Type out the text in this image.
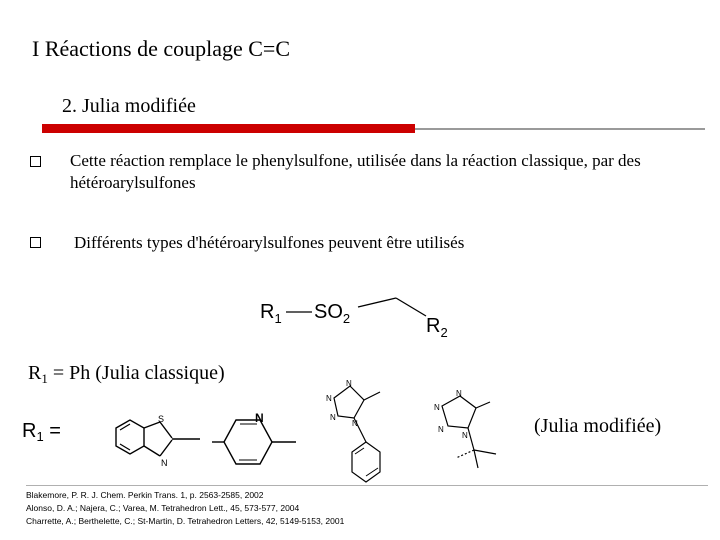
I Réactions de couplage C=C
2. Julia modifiée
Cette réaction remplace le phenylsulfone, utilisée dans la réaction classique, par des hétéroarylsulfones
Différents types d'hétéroarylsulfones peuvent être utilisés
$R_1$ $SO_2$	$R_2$
$R_1 = Ph$ (Julia classique)
$R_1$ =	(Julia modifiée)
S
N
N
N
N
N
N
N
N
N
N
Blakemore, P. R. J. Chem. Perkin Trans. 1, p. 2563-2585, 2002
Alonso, D. A.; Najera, C.; Varea, M. Tetrahedron Lett., 45, 573-577, 2004
Charrette, A.; Berthelette, C.; St-Martin, D. Tetrahedron Letters, 42, 5149-5153, 2001
